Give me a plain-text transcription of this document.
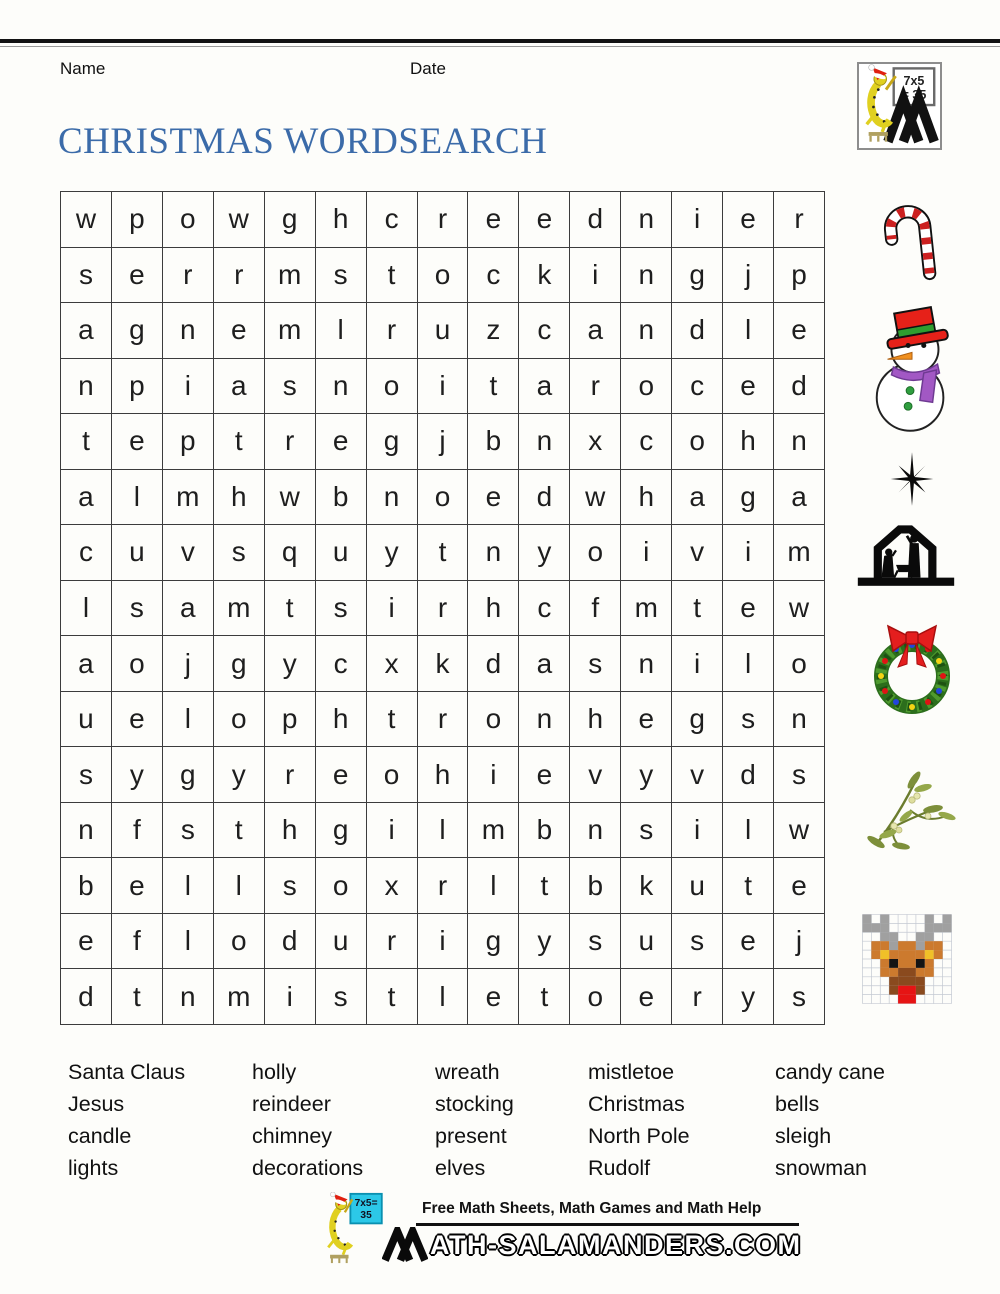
Name	Date
7x5
= 35
CHRISTMAS WORDSEARCH
w	p	o	w	g	h	c	r	e	e	d	n	i	e	r
s	e	r	r	m	s	t	o	c	k	i	n	g	j	p
a	g	n	e	m	l	r	u	z	c	a	n	d	l	e
n	p	i	a	s	n	o	i	t	a	r	o	c	e	d
t	e	p	t	r	e	g	j	b	n	x	c	o	h	n
a	l	m	h	w	b	n	o	e	d	w	h	a	g	a
c	u	v	s	q	u	y	t	n	y	o	i	v	i	m
l	s	a	m	t	s	i	r	h	c	f	m	t	e	w
a	o	j	g	y	c	x	k	d	a	s	n	i	l	o
u	e	l	o	p	h	t	r	o	n	h	e	g	s	n
s	y	g	y	r	e	o	h	i	e	v	y	v	d	s
n	f	s	t	h	g	i	l	m	b	n	s	i	l	w
b	e	l	l	s	o	x	r	l	t	b	k	u	t	e
e	f	l	o	d	u	r	i	g	y	s	u	s	e	j
d	t	n	m	i	s	t	l	e	t	o	e	r	y	s
Santa Claus
Jesus
candle
lights
holly
reindeer
chimney
decorations
wreath
stocking
present
elves
mistletoe
Christmas
North Pole
Rudolf
candy cane
bells
sleigh
snowman
7x5=
35	Free Math Sheets, Math Games and Math Help
ATH-SALAMANDERS.COM
